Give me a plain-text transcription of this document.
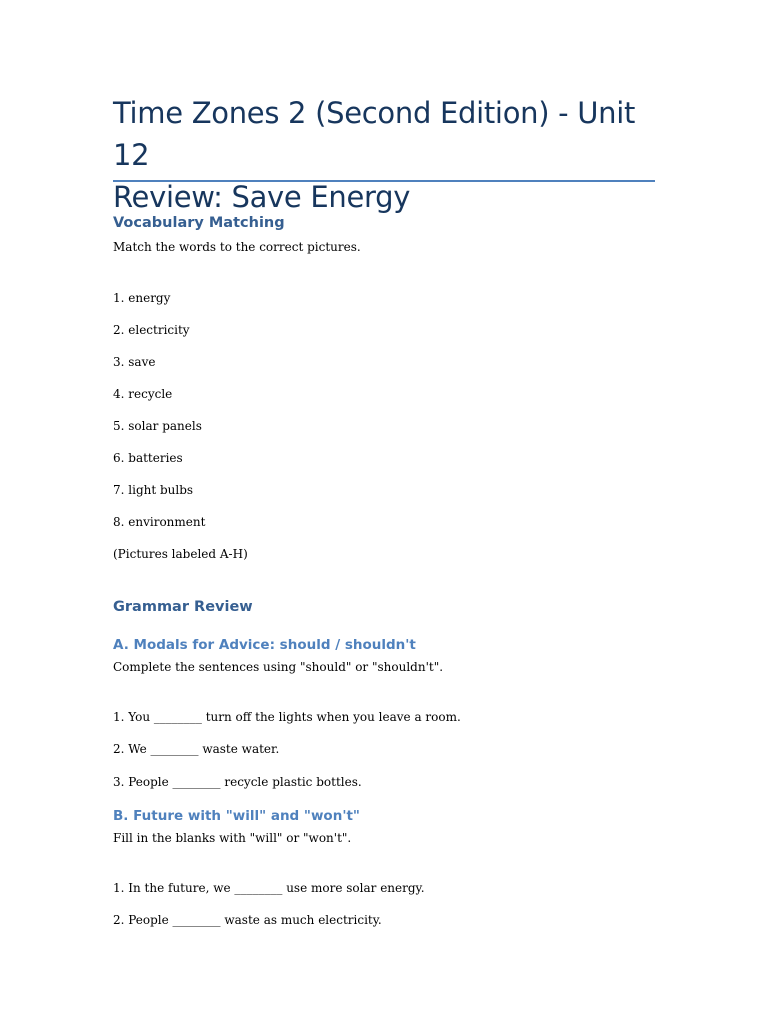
Time Zones 2 (Second Edition) - Unit 12
Review: Save Energy
Vocabulary Matching

Match the words to the correct pictures.

1. energy

2. electricity

3. save

4. recycle

5. solar panels

6. batteries

7. light bulbs

8. environment

(Pictures labeled A-H)

Grammar Review
A. Modals for Advice: should / shouldn't

Complete the sentences using "should" or "shouldn't".

1. You ________ turn off the lights when you leave a room.

2. We ________ waste water.

3. People ________ recycle plastic bottles.

B. Future with "will" and "won't"

Fill in the blanks with "will" or "won't".

1. In the future, we ________ use more solar energy.

2. People ________ waste as much electricity.
